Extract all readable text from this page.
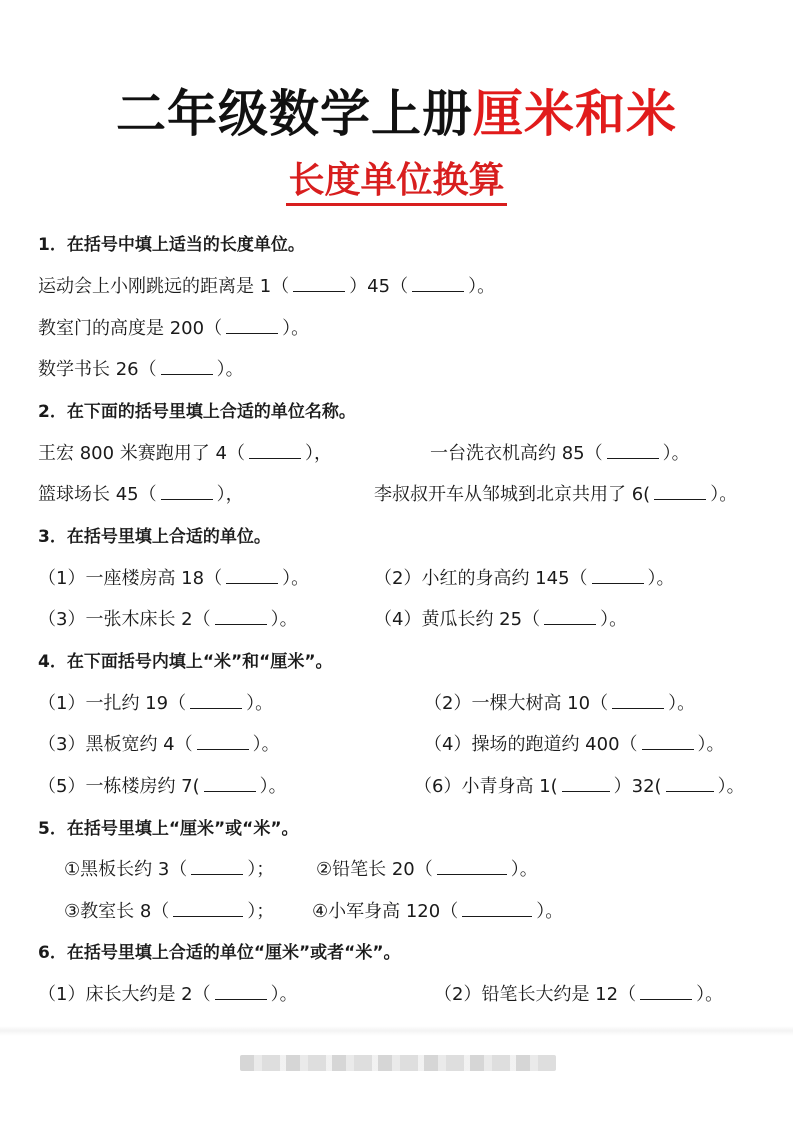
二年级数学上册厘米和米
长度单位换算
1．在括号中填上适当的长度单位。
运动会上小刚跳远的距离是 1（	）45（	）。
教室门的高度是 200（	）。
数学书长 26（	）。
2．在下面的括号里填上合适的单位名称。
王宏 800 米赛跑用了 4（	），	一台洗衣机高约 85（	）。
篮球场长 45（	），	李叔叔开车从邹城到北京共用了 6(	）。
3．在括号里填上合适的单位。
（1）一座楼房高 18（	）。	（2）小红的身高约 145（	）。
（3）一张木床长 2（	）。	（4）黄瓜长约 25（	）。
4．在下面括号内填上“米”和“厘米”。
（1）一扎约 19（	）。	（2）一棵大树高 10（	）。
（3）黑板宽约 4（	）。	（4）操场的跑道约 400（	）。
（5）一栋楼房约 7(	）。	（6）小青身高 1(	）32(	）。
5．在括号里填上“厘米”或“米”。
①黑板长约 3（	）； ②铅笔长 20（	）。
③教室长 8（	）； ④小军身高 120（	）。
6．在括号里填上合适的单位“厘米”或者“米”。
（1）床长大约是 2（	）。	（2）铅笔长大约是 12（	）。
